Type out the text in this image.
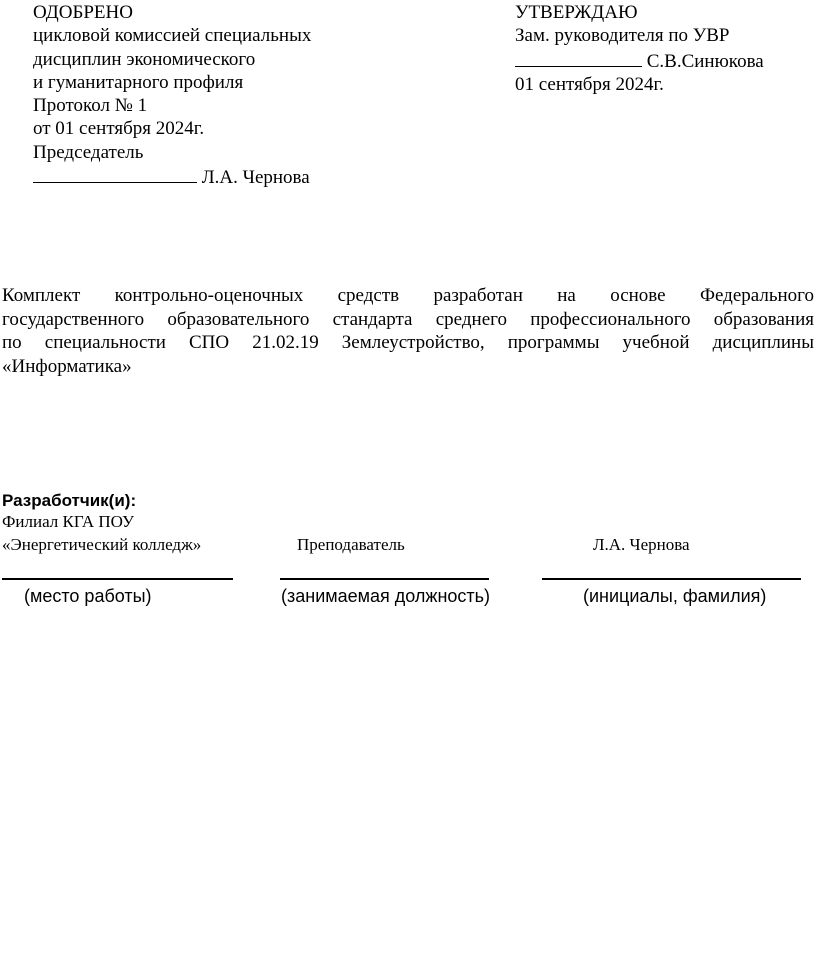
ОДОБРЕНО
цикловой комиссией специальных
дисциплин экономического
и гуманитарного профиля
Протокол № 1
от 01 сентября 2024г.
Председатель
Л.А. Чернова
УТВЕРЖДАЮ
Зам. руководителя по УВР
С.В.Синюкова
01 сентября 2024г.
Комплект контрольно-оценочных средств разработан на основе Федерального
государственного образовательного стандарта среднего профессионального образования
по специальности СПО 21.02.19 Землеустройство, программы учебной дисциплины
«Информатика»
Разработчик(и):
Филиал КГА ПОУ
«Энергетический колледж»	Преподаватель	Л.А. Чернова
(место работы)	(занимаемая должность)	(инициалы, фамилия)
